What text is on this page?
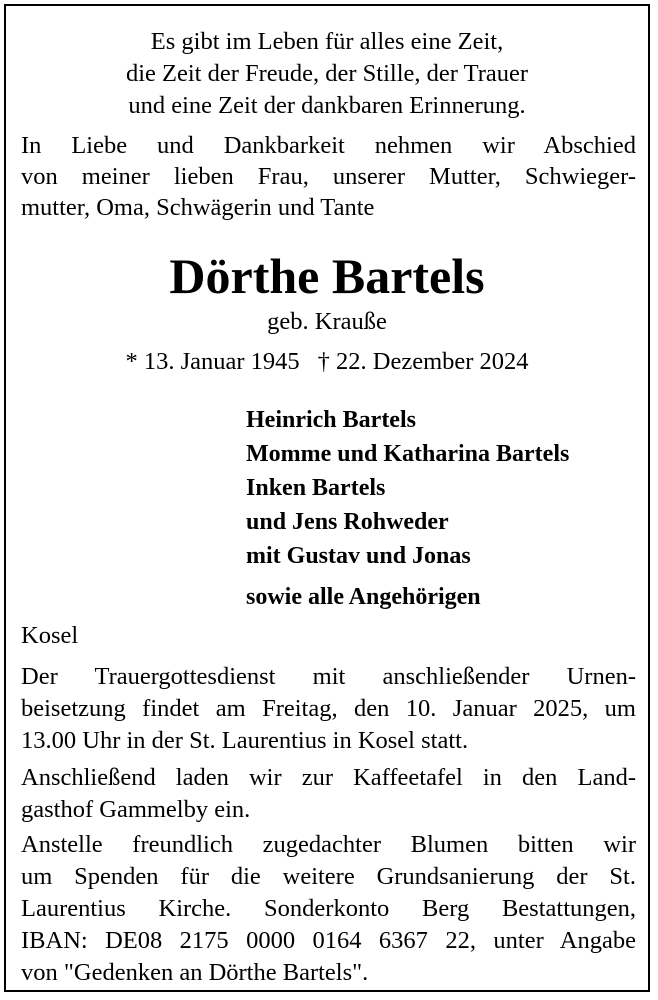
Es gibt im Leben für alles eine Zeit,
die Zeit der Freude, der Stille, der Trauer
und eine Zeit der dankbaren Erinnerung.
In Liebe und Dankbarkeit nehmen wir Abschied
von meiner lieben Frau, unserer Mutter, Schwieger-
mutter, Oma, Schwägerin und Tante
Dörthe Bartels
geb. Krauße
* 13. Januar 1945 † 22. Dezember 2024
Heinrich Bartels
Momme und Katharina Bartels
Inken Bartels
und Jens Rohweder
mit Gustav und Jonas
sowie alle Angehörigen
Kosel
Der Trauergottesdienst mit anschließender Urnen-
beisetzung findet am Freitag, den 10. Januar 2025, um
13.00 Uhr in der St. Laurentius in Kosel statt.
Anschließend laden wir zur Kaffeetafel in den Land-
gasthof Gammelby ein.
Anstelle freundlich zugedachter Blumen bitten wir
um Spenden für die weitere Grundsanierung der St.
Laurentius Kirche. Sonderkonto Berg Bestattungen,
IBAN: DE08 2175 0000 0164 6367 22, unter Angabe
von "Gedenken an Dörthe Bartels".
